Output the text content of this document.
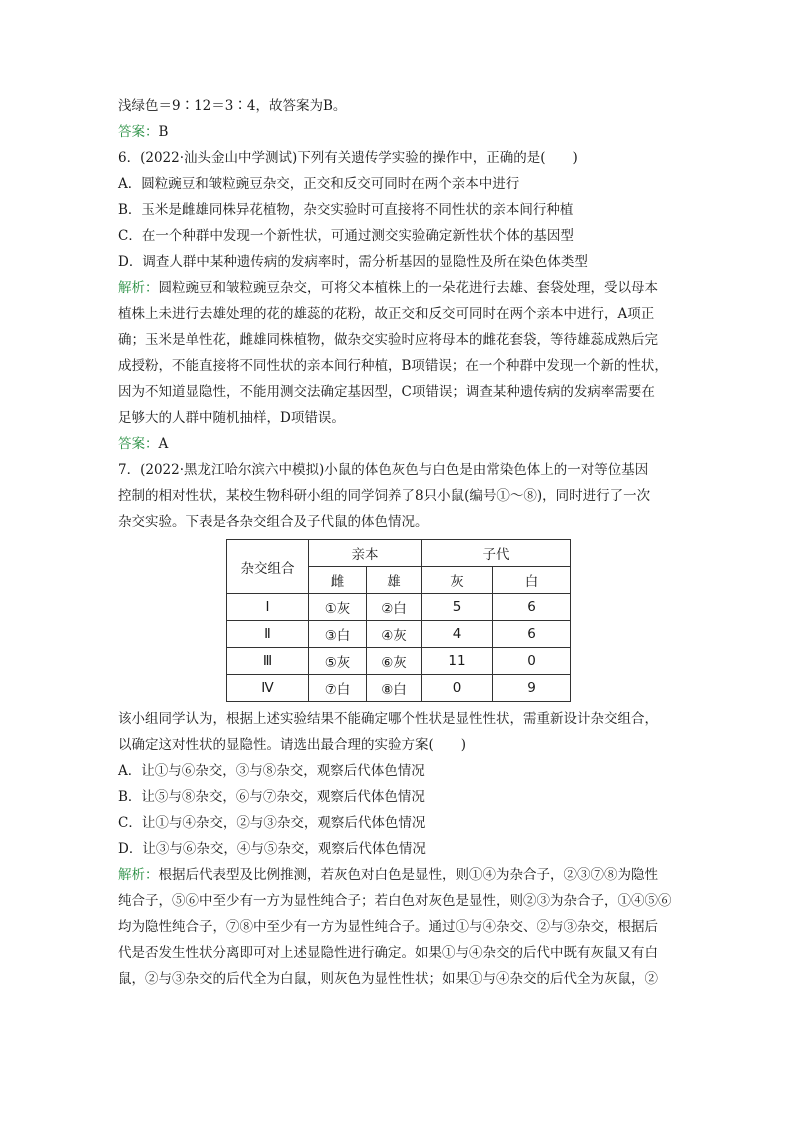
浅绿色＝9∶12＝3∶4，故答案为B。
答案：B
6．(2022·汕头金山中学测试)下列有关遗传学实验的操作中，正确的是(　　)
A．圆粒豌豆和皱粒豌豆杂交，正交和反交可同时在两个亲本中进行
B．玉米是雌雄同株异花植物，杂交实验时可直接将不同性状的亲本间行种植
C．在一个种群中发现一个新性状，可通过测交实验确定新性状个体的基因型
D．调查人群中某种遗传病的发病率时，需分析基因的显隐性及所在染色体类型
解析：圆粒豌豆和皱粒豌豆杂交，可将父本植株上的一朵花进行去雄、套袋处理，受以母本
植株上未进行去雄处理的花的雄蕊的花粉，故正交和反交可同时在两个亲本中进行，A项正
确；玉米是单性花，雌雄同株植物，做杂交实验时应将母本的雌花套袋，等待雄蕊成熟后完
成授粉，不能直接将不同性状的亲本间行种植，B项错误；在一个种群中发现一个新的性状，
因为不知道显隐性，不能用测交法确定基因型，C项错误；调查某种遗传病的发病率需要在
足够大的人群中随机抽样，D项错误。
答案：A
7．(2022·黑龙江哈尔滨六中模拟)小鼠的体色灰色与白色是由常染色体上的一对等位基因
控制的相对性状，某校生物科研小组的同学饲养了8只小鼠(编号①～⑧)，同时进行了一次
杂交实验。下表是各杂交组合及子代鼠的体色情况。
杂交组合	亲本		子代	
	雌	雄	灰	白
Ⅰ	①灰	②白	5	6
Ⅱ	③白	④灰	4	6
Ⅲ	⑤灰	⑥灰	11	0
Ⅳ	⑦白	⑧白	0	9
该小组同学认为，根据上述实验结果不能确定哪个性状是显性性状，需重新设计杂交组合，
以确定这对性状的显隐性。请选出最合理的实验方案(　　)
A．让①与⑥杂交，③与⑧杂交，观察后代体色情况
B．让⑤与⑧杂交，⑥与⑦杂交，观察后代体色情况
C．让①与④杂交，②与③杂交，观察后代体色情况
D．让③与⑥杂交，④与⑤杂交，观察后代体色情况
解析：根据后代表型及比例推测，若灰色对白色是显性，则①④为杂合子，②③⑦⑧为隐性
纯合子，⑤⑥中至少有一方为显性纯合子；若白色对灰色是显性，则②③为杂合子，①④⑤⑥
均为隐性纯合子，⑦⑧中至少有一方为显性纯合子。通过①与④杂交、②与③杂交，根据后
代是否发生性状分离即可对上述显隐性进行确定。如果①与④杂交的后代中既有灰鼠又有白
鼠，②与③杂交的后代全为白鼠，则灰色为显性性状；如果①与④杂交的后代全为灰鼠，②
